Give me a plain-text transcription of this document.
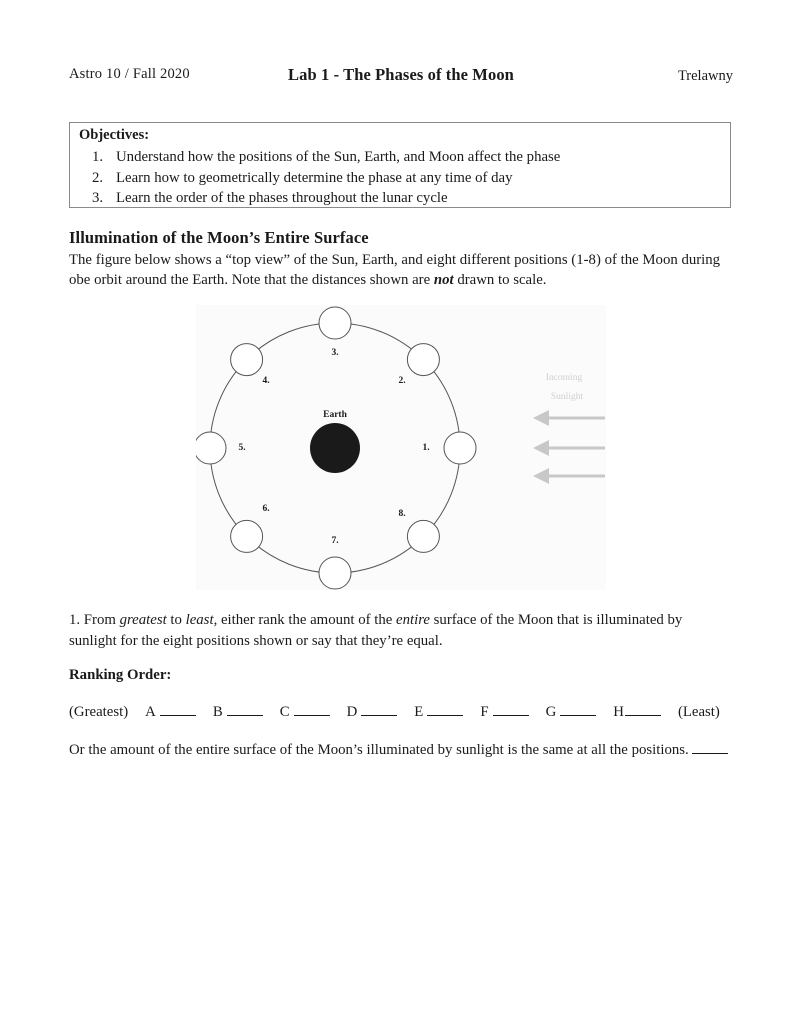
Astro 10 / Fall 2020	Lab 1 - The Phases of the Moon	Trelawny
Objectives:
1. Understand how the positions of the Sun, Earth, and Moon affect the phase
2. Learn how to geometrically determine the phase at any time of day
3. Learn the order of the phases throughout the lunar cycle
Illumination of the Moon’s Entire Surface
The figure below shows a “top view” of the Sun, Earth, and eight different positions (1-8) of the Moon during obe orbit around the Earth. Note that the distances shown are not drawn to scale.
Earth
1.
2.
3.
4.
5.
6.
7.
8.
Incoming
Sunlight
1. From greatest to least, either rank the amount of the entire surface of the Moon that is illuminated by sunlight for the eight positions shown or say that they’re equal.
Ranking Order:
(Greatest) A	B	C	D	E	F	G	H	(Least)
Or the amount of the entire surface of the Moon’s illuminated by sunlight is the same at all the positions.
